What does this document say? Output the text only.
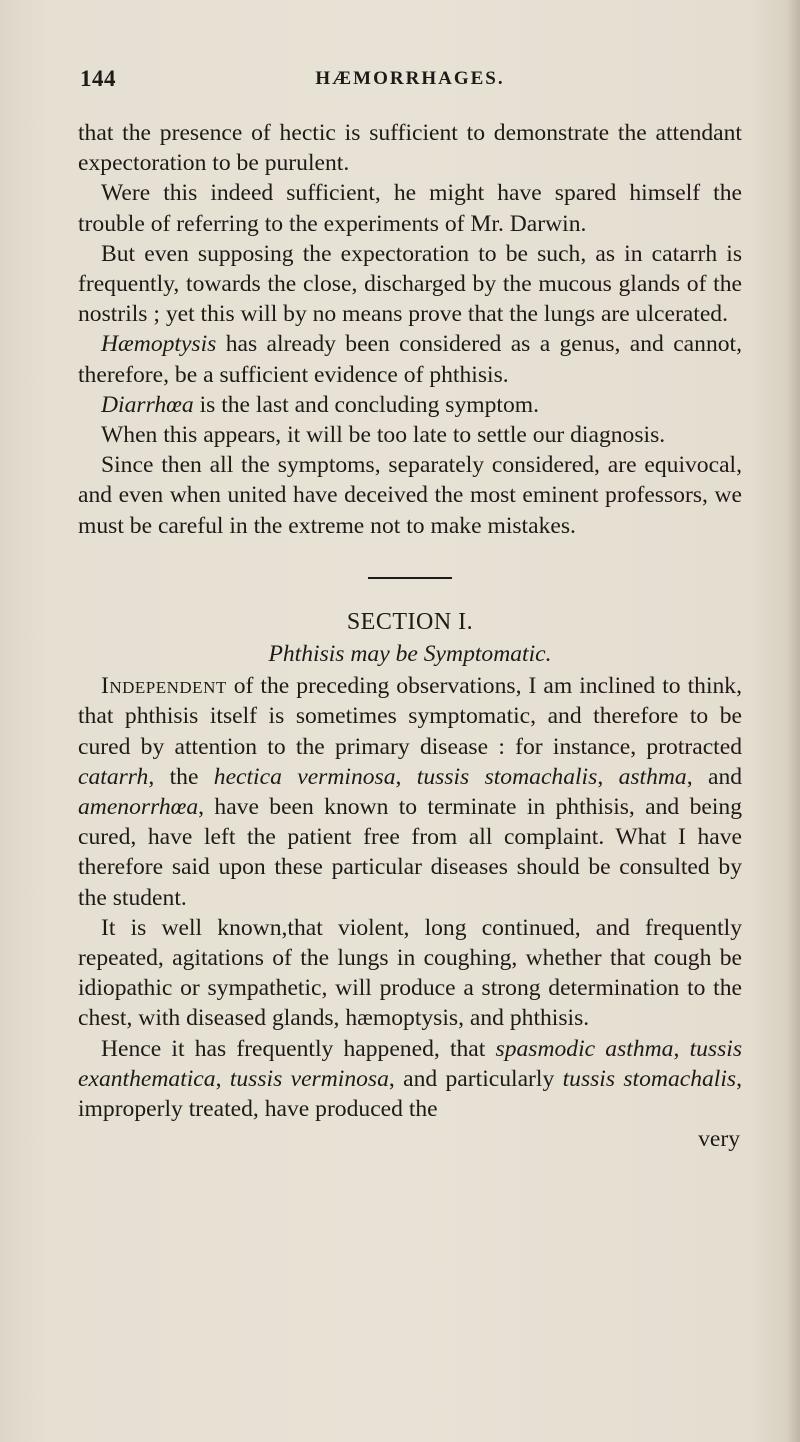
144	HÆMORRHAGES.

that the presence of hectic is sufficient to demonstrate the attendant expectoration to be purulent.

Were this indeed sufficient, he might have spared himself the trouble of referring to the experiments of Mr. Darwin.

But even supposing the expectoration to be such, as in catarrh is frequently, towards the close, discharged by the mucous glands of the nostrils ; yet this will by no means prove that the lungs are ulcerated.

Hæmoptysis has already been considered as a genus, and cannot, therefore, be a sufficient evidence of phthisis.

Diarrhœa is the last and concluding symptom.

When this appears, it will be too late to settle our diagnosis.

Since then all the symptoms, separately considered, are equivocal, and even when united have deceived the most eminent professors, we must be careful in the extreme not to make mistakes.

SECTION I.

Phthisis may be Symptomatic.

Independent of the preceding observations, I am inclined to think, that phthisis itself is sometimes symptomatic, and therefore to be cured by attention to the primary disease : for instance, protracted catarrh, the hectica verminosa, tussis stomachalis, asthma, and amenorrhœa, have been known to terminate in phthisis, and being cured, have left the patient free from all complaint. What I have therefore said upon these particular diseases should be consulted by the student.

It is well known,that violent, long continued, and frequently repeated, agitations of the lungs in coughing, whether that cough be idiopathic or sympathetic, will produce a strong determination to the chest, with diseased glands, hæmoptysis, and phthisis.

Hence it has frequently happened, that spasmodic asthma, tussis exanthematica, tussis verminosa, and particularly tussis stomachalis, improperly treated, have produced the

very
